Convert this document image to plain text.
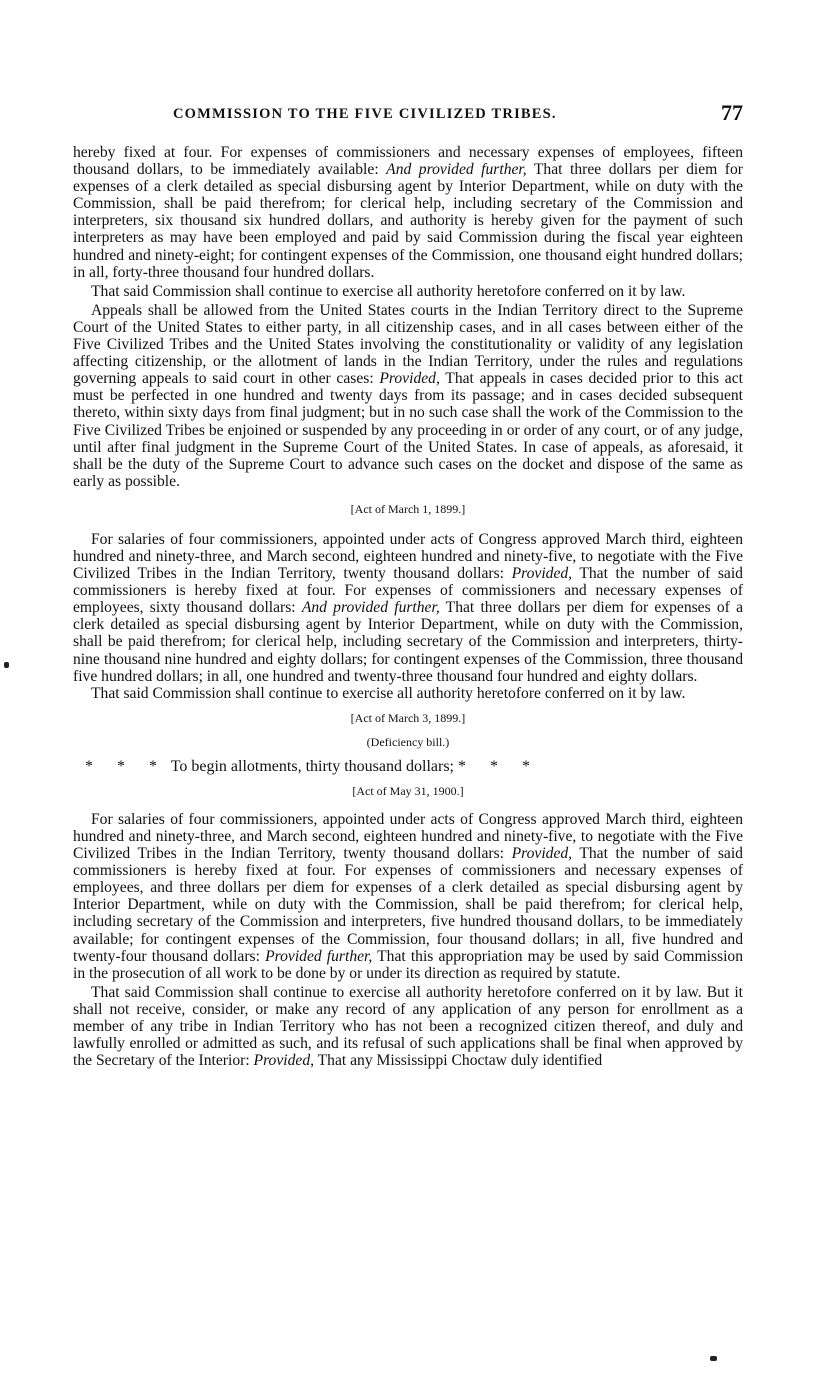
COMMISSION TO THE FIVE CIVILIZED TRIBES.	77

hereby fixed at four. For expenses of commissioners and necessary expenses of employees, fifteen thousand dollars, to be immediately available: And provided further, That three dollars per diem for expenses of a clerk detailed as special disbursing agent by Interior Department, while on duty with the Commission, shall be paid therefrom; for clerical help, including secretary of the Commission and interpreters, six thousand six hundred dollars, and authority is hereby given for the payment of such interpreters as may have been employed and paid by said Commission during the fiscal year eighteen hundred and ninety-eight; for contingent expenses of the Commission, one thousand eight hundred dollars; in all, forty-three thousand four hundred dollars.

That said Commission shall continue to exercise all authority heretofore conferred on it by law.

Appeals shall be allowed from the United States courts in the Indian Territory direct to the Supreme Court of the United States to either party, in all citizenship cases, and in all cases between either of the Five Civilized Tribes and the United States involving the constitutionality or validity of any legislation affecting citizenship, or the allotment of lands in the Indian Territory, under the rules and regulations governing appeals to said court in other cases: Provided, That appeals in cases decided prior to this act must be perfected in one hundred and twenty days from its passage; and in cases decided subsequent thereto, within sixty days from final judgment; but in no such case shall the work of the Commission to the Five Civilized Tribes be enjoined or suspended by any proceeding in or order of any court, or of any judge, until after final judgment in the Supreme Court of the United States. In case of appeals, as aforesaid, it shall be the duty of the Supreme Court to advance such cases on the docket and dispose of the same as early as possible.

[Act of March 1, 1899.]

For salaries of four commissioners, appointed under acts of Congress approved March third, eighteen hundred and ninety-three, and March second, eighteen hundred and ninety-five, to negotiate with the Five Civilized Tribes in the Indian Territory, twenty thousand dollars: Provided, That the number of said commissioners is hereby fixed at four. For expenses of commissioners and necessary expenses of employees, sixty thousand dollars: And provided further, That three dollars per diem for expenses of a clerk detailed as special disbursing agent by Interior Department, while on duty with the Commission, shall be paid therefrom; for clerical help, including secretary of the Commission and interpreters, thirty-nine thousand nine hundred and eighty dollars; for contingent expenses of the Commission, three thousand five hundred dollars; in all, one hundred and twenty-three thousand four hundred and eighty dollars.

That said Commission shall continue to exercise all authority heretofore conferred on it by law.

[Act of March 3, 1899.]
(Deficiency bill.)

* * * To begin allotments, thirty thousand dollars; * * *

[Act of May 31, 1900.]

For salaries of four commissioners, appointed under acts of Congress approved March third, eighteen hundred and ninety-three, and March second, eighteen hundred and ninety-five, to negotiate with the Five Civilized Tribes in the Indian Territory, twenty thousand dollars: Provided, That the number of said commissioners is hereby fixed at four. For expenses of commissioners and necessary expenses of employees, and three dollars per diem for expenses of a clerk detailed as special disbursing agent by Interior Department, while on duty with the Commission, shall be paid therefrom; for clerical help, including secretary of the Commission and interpreters, five hundred thousand dollars, to be immediately available; for contingent expenses of the Commission, four thousand dollars; in all, five hundred and twenty-four thousand dollars: Provided further, That this appropriation may be used by said Commission in the prosecution of all work to be done by or under its direction as required by statute.

That said Commission shall continue to exercise all authority heretofore conferred on it by law. But it shall not receive, consider, or make any record of any application of any person for enrollment as a member of any tribe in Indian Territory who has not been a recognized citizen thereof, and duly and lawfully enrolled or admitted as such, and its refusal of such applications shall be final when approved by the Secretary of the Interior: Provided, That any Mississippi Choctaw duly identified
